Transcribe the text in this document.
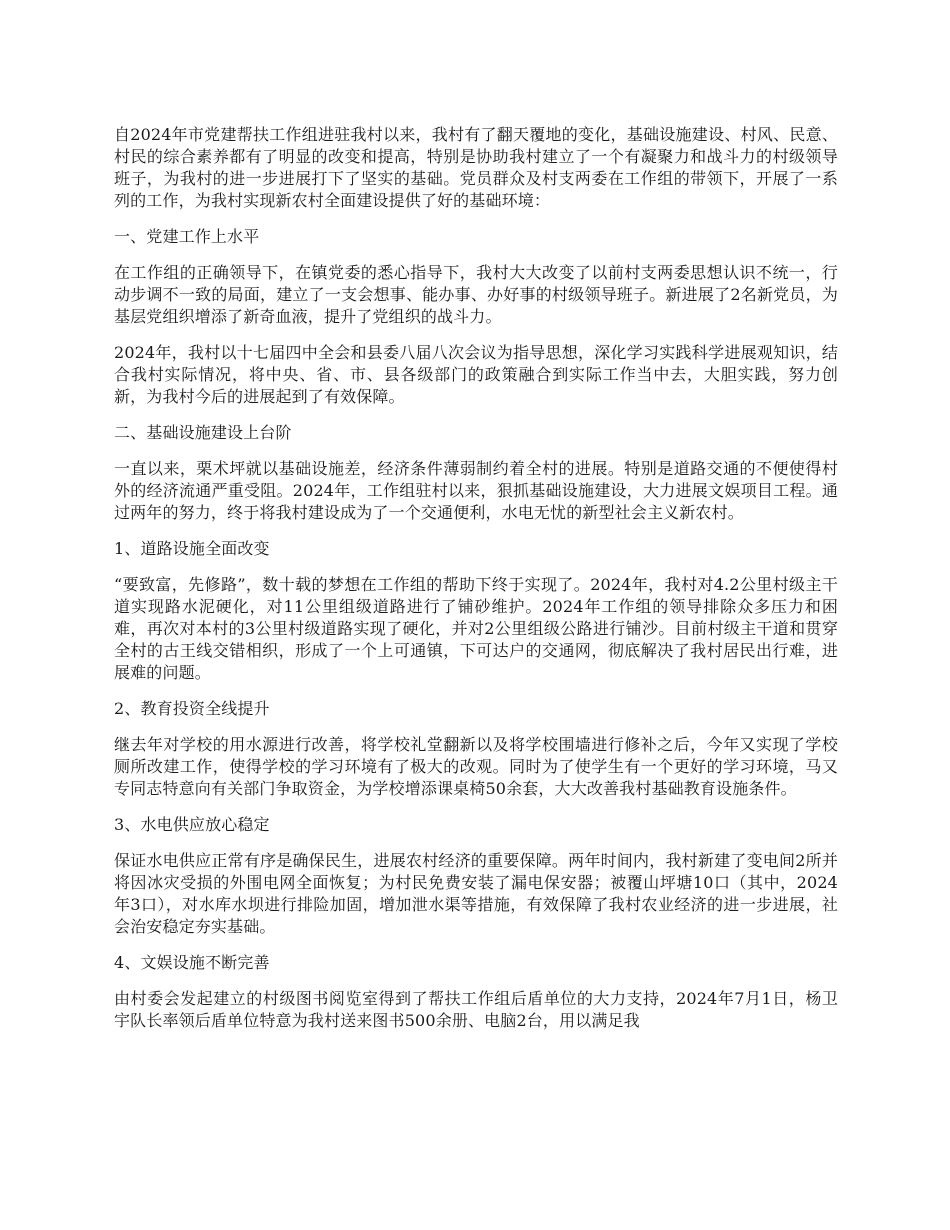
自2024年市党建帮扶工作组进驻我村以来，我村有了翻天覆地的变化，基础设施建设、村风、民意、村民的综合素养都有了明显的改变和提高，特别是协助我村建立了一个有凝聚力和战斗力的村级领导班子，为我村的进一步进展打下了坚实的基础。党员群众及村支两委在工作组的带领下，开展了一系列的工作，为我村实现新农村全面建设提供了好的基础环境：

一、党建工作上水平

在工作组的正确领导下，在镇党委的悉心指导下，我村大大改变了以前村支两委思想认识不统一，行动步调不一致的局面，建立了一支会想事、能办事、办好事的村级领导班子。新进展了2名新党员，为基层党组织增添了新奇血液，提升了党组织的战斗力。

2024年，我村以十七届四中全会和县委八届八次会议为指导思想，深化学习实践科学进展观知识，结合我村实际情况，将中央、省、市、县各级部门的政策融合到实际工作当中去，大胆实践，努力创新，为我村今后的进展起到了有效保障。

二、基础设施建设上台阶

一直以来，栗术坪就以基础设施差，经济条件薄弱制约着全村的进展。特别是道路交通的不便使得村外的经济流通严重受阻。2024年，工作组驻村以来，狠抓基础设施建设，大力进展文娱项目工程。通过两年的努力，终于将我村建设成为了一个交通便利，水电无忧的新型社会主义新农村。

1、道路设施全面改变

“要致富，先修路”，数十载的梦想在工作组的帮助下终于实现了。2024年，我村对4.2公里村级主干道实现路水泥硬化，对11公里组级道路进行了铺砂维护。2024年工作组的领导排除众多压力和困难，再次对本村的3公里村级道路实现了硬化，并对2公里组级公路进行铺沙。目前村级主干道和贯穿全村的古王线交错相织，形成了一个上可通镇，下可达户的交通网，彻底解决了我村居民出行难，进展难的问题。

2、教育投资全线提升

继去年对学校的用水源进行改善，将学校礼堂翻新以及将学校围墙进行修补之后，今年又实现了学校厕所改建工作，使得学校的学习环境有了极大的改观。同时为了使学生有一个更好的学习环境，马又专同志特意向有关部门争取资金，为学校增添课桌椅50余套，大大改善我村基础教育设施条件。

3、水电供应放心稳定

保证水电供应正常有序是确保民生，进展农村经济的重要保障。两年时间内，我村新建了变电间2所并将因冰灾受损的外围电网全面恢复；为村民免费安装了漏电保安器；被覆山坪塘10口（其中，2024年3口），对水库水坝进行排险加固，增加泄水渠等措施，有效保障了我村农业经济的进一步进展，社会治安稳定夯实基础。

4、文娱设施不断完善

由村委会发起建立的村级图书阅览室得到了帮扶工作组后盾单位的大力支持，2024年7月1日，杨卫宇队长率领后盾单位特意为我村送来图书500余册、电脑2台，用以满足我
